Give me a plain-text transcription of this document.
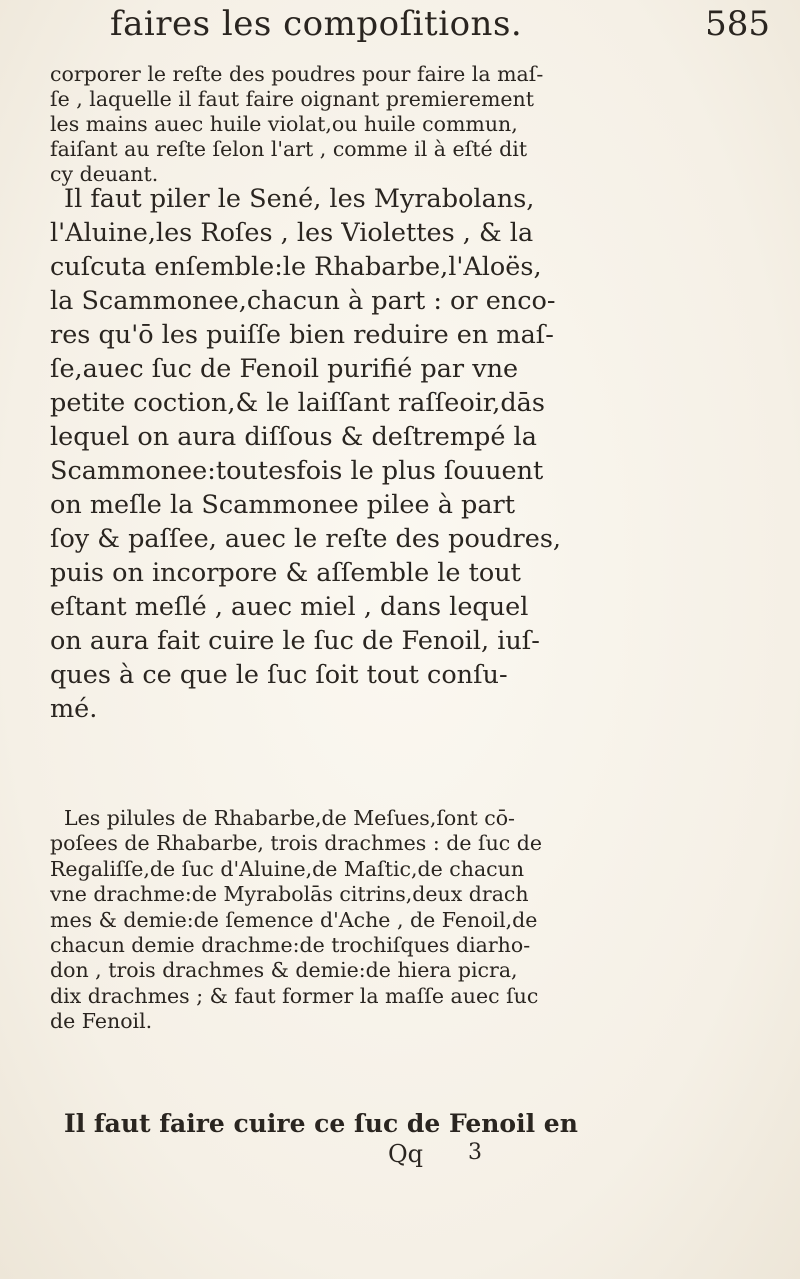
faires les compoſitions.	585
corporer le reſte des poudres pour faire la maſ-
ſe , laquelle il faut faire oignant premierement
les mains auec huile violat,ou huile commun,
faiſant au reſte ſelon l'art , comme il à eſté dit
cy deuant.
Il faut piler le Sené, les Myrabolans,
l'Aluine,les Roſes , les Violettes , & la
cuſcuta enſemble:le Rhabarbe,l'Aloës,
la Scammonee,chacun à part : or enco-
res qu'ō les puiſſe bien reduire en maſ-
ſe,auec ſuc de Fenoil purifié par vne
petite coction,& le laiſſant raſſeoir,dās
lequel on aura diſſous & deſtrempé la
Scammonee:toutesfois le plus ſouuent
on meſle la Scammonee pilee à part
ſoy & paſſee, auec le reſte des poudres,
puis on incorpore & aſſemble le tout
eſtant meſlé , auec miel , dans lequel
on aura fait cuire le ſuc de Fenoil, iuſ-
ques à ce que le ſuc ſoit tout conſu-
mé.
Les pilules de Rhabarbe,de Meſues,ſont cō-
poſees de Rhabarbe, trois drachmes : de ſuc de
Regaliſſe,de ſuc d'Aluine,de Maſtic,de chacun
vne drachme:de Myrabolās citrins,deux drach
mes & demie:de ſemence d'Ache , de Fenoil,de
chacun demie drachme:de trochiſques diarho-
don , trois drachmes & demie:de hiera picra,
dix drachmes ; & faut former la maſſe auec ſuc
de Fenoil.
Il faut faire cuire ce ſuc de Fenoil en
Qq 3
